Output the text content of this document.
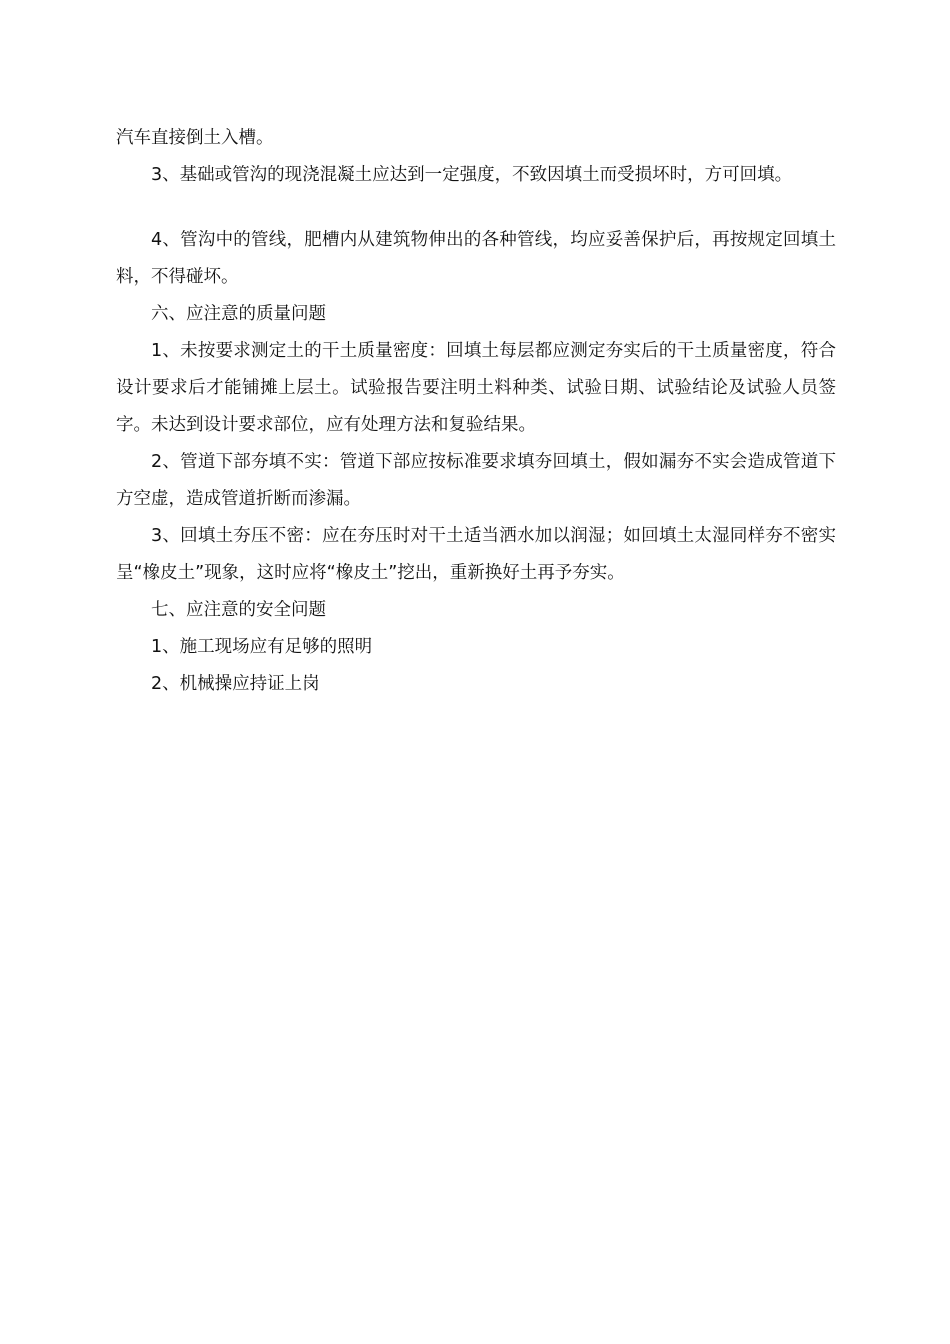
汽车直接倒土入槽。

3、基础或管沟的现浇混凝土应达到一定强度，不致因填土而受损坏时，方可回填。

4、管沟中的管线，肥槽内从建筑物伸出的各种管线，均应妥善保护后，再按规定回填土料，不得碰坏。

六、应注意的质量问题

1、未按要求测定土的干土质量密度：回填土每层都应测定夯实后的干土质量密度，符合设计要求后才能铺摊上层土。试验报告要注明土料种类、试验日期、试验结论及试验人员签字。未达到设计要求部位，应有处理方法和复验结果。

2、管道下部夯填不实：管道下部应按标准要求填夯回填土，假如漏夯不实会造成管道下方空虚，造成管道折断而渗漏。

3、回填土夯压不密：应在夯压时对干土适当洒水加以润湿；如回填土太湿同样夯不密实呈“橡皮土”现象，这时应将“橡皮土”挖出，重新换好土再予夯实。

七、应注意的安全问题

1、施工现场应有足够的照明

2、机械操应持证上岗
